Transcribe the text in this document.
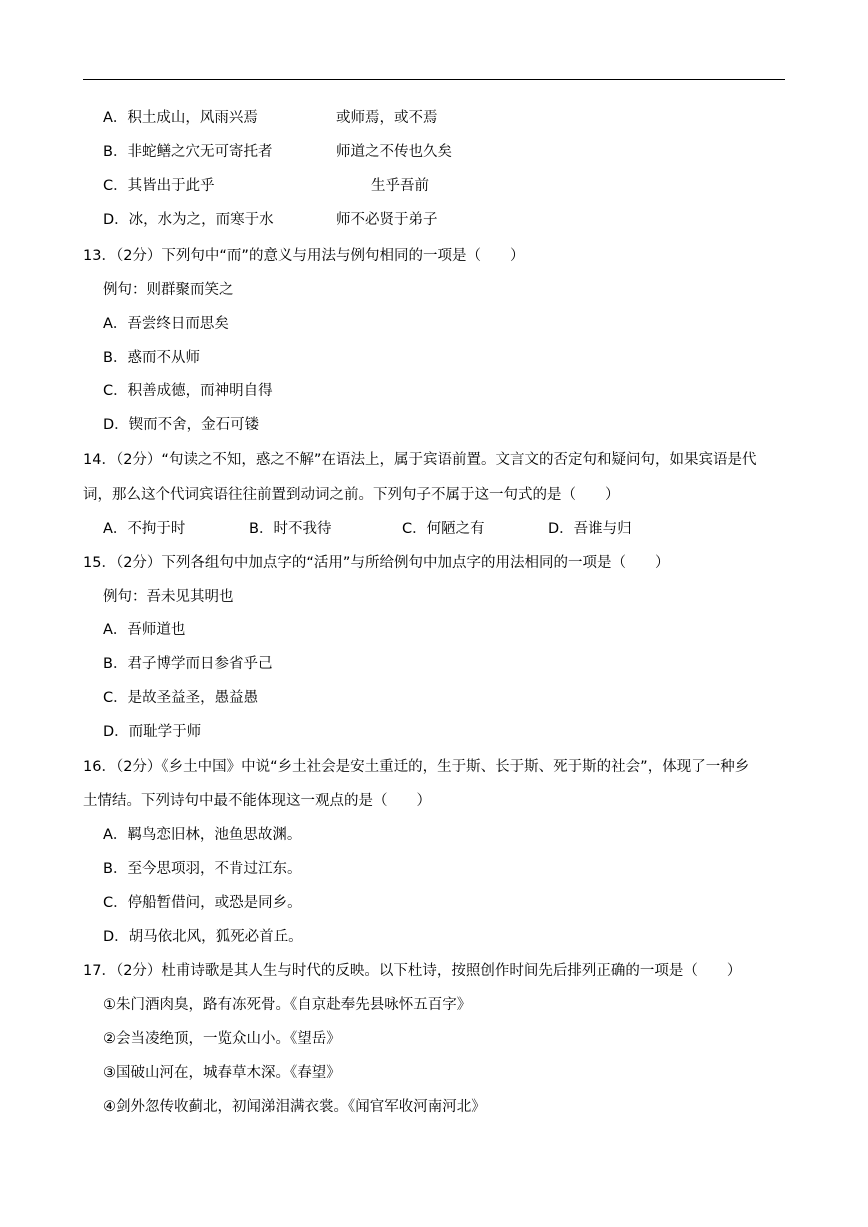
A．积土成山，风雨兴焉	或师焉，或不焉
B．非蛇鳝之穴无可寄托者	师道之不传也久矣
C．其皆出于此乎	生乎吾前
D．冰，水为之，而寒于水	师不必贤于弟子
13．（2分）下列句中“而”的意义与用法与例句相同的一项是（　　）
例句：则群聚而笑之
A．吾尝终日而思矣
B．惑而不从师
C．积善成德，而神明自得
D．锲而不舍，金石可镂
14．（2分）“句读之不知，惑之不解”在语法上，属于宾语前置。文言文的否定句和疑问句，如果宾语是代
词，那么这个代词宾语往往前置到动词之前。下列句子不属于这一句式的是（　　）
A．不拘于时	B．时不我待	C．何陋之有	D．吾谁与归
15．（2分）下列各组句中加点字的“活用”与所给例句中加点字的用法相同的一项是（　　）
例句：吾未见其明也
A．吾师道也
B．君子博学而日参省乎己
C．是故圣益圣，愚益愚
D．而耻学于师
16．（2分）《乡土中国》中说“乡土社会是安土重迁的，生于斯、长于斯、死于斯的社会”，体现了一种乡
土情结。下列诗句中最不能体现这一观点的是（　　）
A．羁鸟恋旧林，池鱼思故渊。
B．至今思项羽，不肯过江东。
C．停船暂借问，或恐是同乡。
D．胡马依北风，狐死必首丘。
17．（2分）杜甫诗歌是其人生与时代的反映。以下杜诗，按照创作时间先后排列正确的一项是（　　）
①朱门酒肉臭，路有冻死骨。《自京赴奉先县咏怀五百字》
②会当凌绝顶，一览众山小。《望岳》
③国破山河在，城春草木深。《春望》
④剑外忽传收蓟北，初闻涕泪满衣裳。《闻官军收河南河北》
